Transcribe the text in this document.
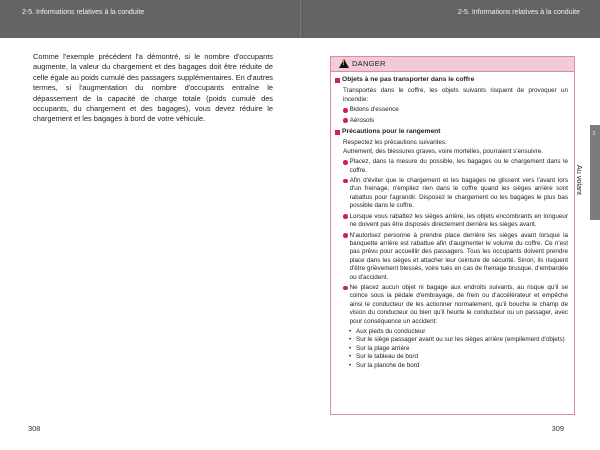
2-5. Informations relatives à la conduite	2-5. Informations relatives à la conduite
Comme l'exemple précédent l'a démontré, si le nombre d'occupants augmente, la valeur du chargement et des bagages doit être réduite de celle égale au poids cumulé des passagers supplémentaires. En d'autres termes, si l'augmentation du nombre d'occupants entraîne le dépassement de la capacité de charge totale (poids cumulé des occupants, du chargement et des bagages), vous devez réduire le chargement et les bagages à bord de votre véhicule.
308
! DANGER
Objets à ne pas transporter dans le coffre
Transportés dans le coffre, les objets suivants risquent de provoquer un incendie:
Bidons d'essence
Aérosols
Précautions pour le rangement
Respectez les précautions suivantes.
Autrement, des blessures graves, voire mortelles, pourraient s'ensuivre.
Placez, dans la mesure du possible, les bagages ou le chargement dans le coffre.
Afin d'éviter que le chargement et les bagages ne glissent vers l'avant lors d'un freinage, n'empilez rien dans le coffre quand les sièges arrière sont rabattus pour l'agrandir. Disposez le chargement ou les bagages le plus bas possible dans le coffre.
Lorsque vous rabattez les sièges arrière, les objets encombrants en longueur ne doivent pas être disposés directement derrière les sièges avant.
N'autorisez personne à prendre place derrière les sièges avant lorsque la banquette arrière est rabattue afin d'augmenter le volume du coffre. Ce n'est pas prévu pour accueillir des passagers. Tous les occupants doivent prendre place dans les sièges et attacher leur ceinture de sécurité. Sinon, ils risquent d'être grièvement blessés, voire tués en cas de freinage brusque, d'embardée ou d'accident.
Ne placez aucun objet ni bagage aux endroits suivants, au risque qu'il se coince sous la pédale d'embrayage, de frein ou d'accélérateur et empêche ainsi le conducteur de les actionner normalement, qu'il bouche le champ de vision du conducteur ou bien qu'il heurte le conducteur ou un passager, avec pour conséquence un accident:
• Aux pieds du conducteur
• Sur le siège passager avant ou sur les sièges arrière (empilement d'objets)
• Sur la plage arrière
• Sur le tableau de bord
• Sur la planche de bord
2
Au volant
309
